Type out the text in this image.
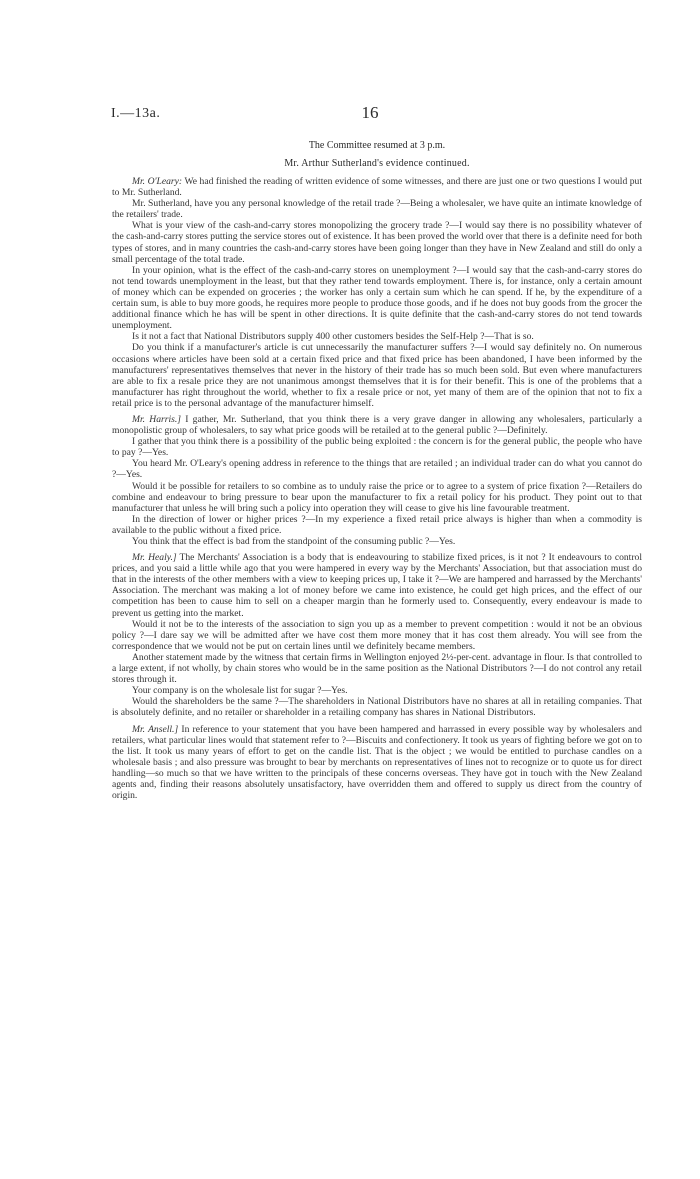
I.—13a.	16
The Committee resumed at 3 p.m.
Mr. Arthur Sutherland's evidence continued.

Mr. O'Leary: We had finished the reading of written evidence of some witnesses, and there are just one or two questions I would put to Mr. Sutherland.

Mr. Sutherland, have you any personal knowledge of the retail trade ?—Being a wholesaler, we have quite an intimate knowledge of the retailers' trade.

What is your view of the cash-and-carry stores monopolizing the grocery trade ?—I would say there is no possibility whatever of the cash-and-carry stores putting the service stores out of existence. It has been proved the world over that there is a definite need for both types of stores, and in many countries the cash-and-carry stores have been going longer than they have in New Zealand and still do only a small percentage of the total trade.

In your opinion, what is the effect of the cash-and-carry stores on unemployment ?—I would say that the cash-and-carry stores do not tend towards unemployment in the least, but that they rather tend towards employment. There is, for instance, only a certain amount of money which can be expended on groceries ; the worker has only a certain sum which he can spend. If he, by the expenditure of a certain sum, is able to buy more goods, he requires more people to produce those goods, and if he does not buy goods from the grocer the additional finance which he has will be spent in other directions. It is quite definite that the cash-and-carry stores do not tend towards unemployment.

Is it not a fact that National Distributors supply 400 other customers besides the Self-Help ?—That is so.

Do you think if a manufacturer's article is cut unnecessarily the manufacturer suffers ?—I would say definitely no. On numerous occasions where articles have been sold at a certain fixed price and that fixed price has been abandoned, I have been informed by the manufacturers' representatives themselves that never in the history of their trade has so much been sold. But even where manufacturers are able to fix a resale price they are not unanimous amongst themselves that it is for their benefit. This is one of the problems that a manufacturer has right throughout the world, whether to fix a resale price or not, yet many of them are of the opinion that not to fix a retail price is to the personal advantage of the manufacturer himself.

Mr. Harris.] I gather, Mr. Sutherland, that you think there is a very grave danger in allowing any wholesalers, particularly a monopolistic group of wholesalers, to say what price goods will be retailed at to the general public ?—Definitely.

I gather that you think there is a possibility of the public being exploited : the concern is for the general public, the people who have to pay ?—Yes.

You heard Mr. O'Leary's opening address in reference to the things that are retailed ; an individual trader can do what you cannot do ?—Yes.

Would it be possible for retailers to so combine as to unduly raise the price or to agree to a system of price fixation ?—Retailers do combine and endeavour to bring pressure to bear upon the manufacturer to fix a retail policy for his product. They point out to that manufacturer that unless he will bring such a policy into operation they will cease to give his line favourable treatment.

In the direction of lower or higher prices ?—In my experience a fixed retail price always is higher than when a commodity is available to the public without a fixed price.

You think that the effect is bad from the standpoint of the consuming public ?—Yes.

Mr. Healy.] The Merchants' Association is a body that is endeavouring to stabilize fixed prices, is it not ? It endeavours to control prices, and you said a little while ago that you were hampered in every way by the Merchants' Association, but that association must do that in the interests of the other members with a view to keeping prices up, I take it ?—We are hampered and harrassed by the Merchants' Association. The merchant was making a lot of money before we came into existence, he could get high prices, and the effect of our competition has been to cause him to sell on a cheaper margin than he formerly used to. Consequently, every endeavour is made to prevent us getting into the market.

Would it not be to the interests of the association to sign you up as a member to prevent competition : would it not be an obvious policy ?—I dare say we will be admitted after we have cost them more money that it has cost them already. You will see from the correspondence that we would not be put on certain lines until we definitely became members.

Another statement made by the witness that certain firms in Wellington enjoyed 2½-per-cent. advantage in flour. Is that controlled to a large extent, if not wholly, by chain stores who would be in the same position as the National Distributors ?—I do not control any retail stores through it.

Your company is on the wholesale list for sugar ?—Yes.

Would the shareholders be the same ?—The shareholders in National Distributors have no shares at all in retailing companies. That is absolutely definite, and no retailer or shareholder in a retailing company has shares in National Distributors.

Mr. Ansell.] In reference to your statement that you have been hampered and harrassed in every possible way by wholesalers and retailers, what particular lines would that statement refer to ?—Biscuits and confectionery. It took us years of fighting before we got on to the list. It took us many years of effort to get on the candle list. That is the object ; we would be entitled to purchase candles on a wholesale basis ; and also pressure was brought to bear by merchants on representatives of lines not to recognize or to quote us for direct handling—so much so that we have written to the principals of these concerns overseas. They have got in touch with the New Zealand agents and, finding their reasons absolutely unsatisfactory, have overridden them and offered to supply us direct from the country of origin.
